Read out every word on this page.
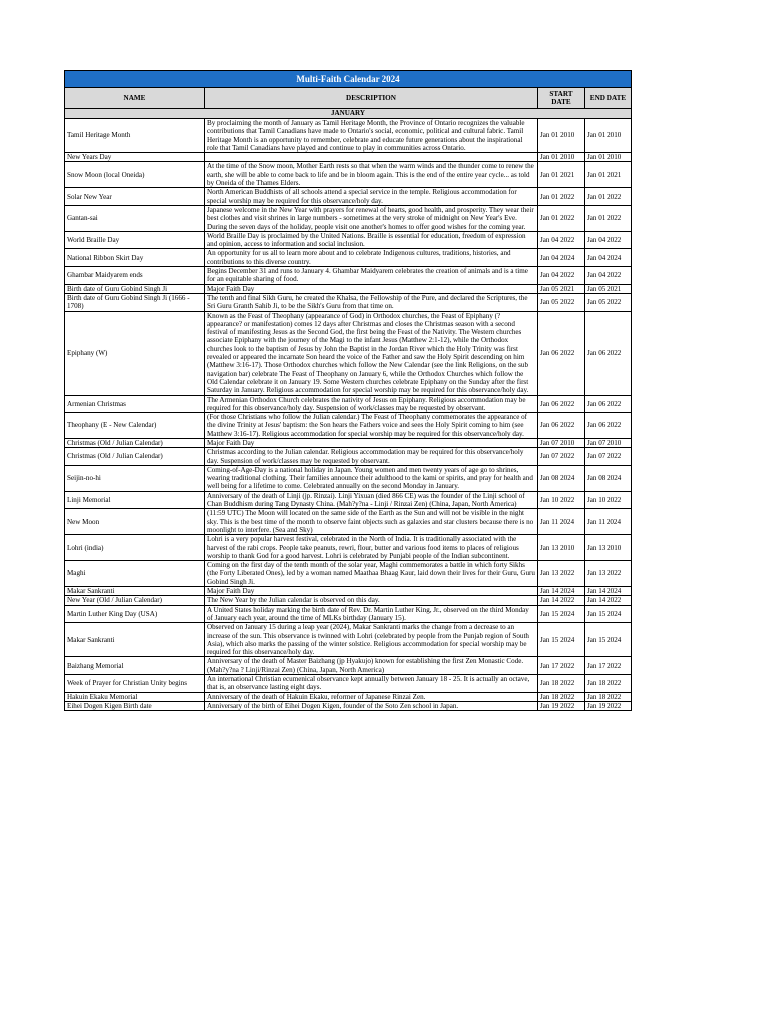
Multi-Faith Calendar 2024			
NAME	DESCRIPTION	START DATE	END DATE
JANUARY			
Tamil Heritage Month	By proclaiming the month of January as Tamil Heritage Month, the Province of Ontario recognizes the valuable contributions that Tamil Canadians have made to Ontario's social, economic, political and cultural fabric. Tamil Heritage Month is an opportunity to remember, celebrate and educate future generations about the inspirational role that Tamil Canadians have played and continue to play in communities across Ontario.	Jan 01 2010	Jan 01 2010
New Years Day		Jan 01 2010	Jan 01 2010
Snow Moon (local Oneida)	At the time of the Snow moon, Mother Earth rests so that when the warm winds and the thunder come to renew the earth, she will be able to come back to life and be in bloom again. This is the end of the entire year cycle... as told by Oneida of the Thames Elders.	Jan 01 2021	Jan 01 2021
Solar New Year	North American Buddhists of all schools attend a special service in the temple. Religious accommodation for special worship may be required for this observance/holy day.	Jan 01 2022	Jan 01 2022
Gantan-sai	Japanese welcome in the New Year with prayers for renewal of hearts, good health, and prosperity. They wear their best clothes and visit shrines in large numbers - sometimes at the very stroke of midnight on New Year's Eve. During the seven days of the holiday, people visit one another's homes to offer good wishes for the coming year.	Jan 01 2022	Jan 01 2022
World Braille Day	World Braille Day is proclaimed by the United Nations. Braille is essential for education, freedom of expression and opinion, access to information and social inclusion.	Jan 04 2022	Jan 04 2022
National Ribbon Skirt Day	An opportunity for us all to learn more about and to celebrate Indigenous cultures, traditions, histories, and contributions to this diverse country.	Jan 04 2024	Jan 04 2024
Ghambar Maidyarem ends	Begins December 31 and runs to January 4. Ghambar Maidyarem celebrates the creation of animals and is a time for an equitable sharing of food.	Jan 04 2022	Jan 04 2022
Birth date of Guru Gobind Singh Ji	Major Faith Day	Jan 05 2021	Jan 05 2021
Birth date of Guru Gobind Singh Ji (1666 - 1708)	The tenth and final Sikh Guru, he created the Khalsa, the Fellowship of the Pure, and declared the Scriptures, the Sri Guru Granth Sahib Ji, to be the Sikh's Guru from that time on.	Jan 05 2022	Jan 05 2022
Epiphany (W)	Known as the Feast of Theophany (appearance of God) in Orthodox churches, the Feast of Epiphany (?appearance? or manifestation) comes 12 days after Christmas and closes the Christmas season with a second festival of manifesting Jesus as the Second God, the first being the Feast of the Nativity. The Western churches associate Epiphany with the journey of the Magi to the infant Jesus (Matthew 2:1-12), while the Orthodox churches look to the baptism of Jesus by John the Baptist in the Jordan River which the Holy Trinity was first revealed or appeared the incarnate Son heard the voice of the Father and saw the Holy Spirit descending on him (Matthew 3:16-17). Those Orthodox churches which follow the New Calendar (see the link Religions, on the sub navigation bar) celebrate The Feast of Theophany on January 6, while the Orthodox Churches which follow the Old Calendar celebrate it on January 19. Some Western churches celebrate Epiphany on the Sunday after the first Saturday in January. Religious accommodation for special worship may be required for this observance/holy day.	Jan 06 2022	Jan 06 2022
Armenian Christmas	The Armenian Orthodox Church celebrates the nativity of Jesus on Epiphany. Religious accommodation may be required for this observance/holy day. Suspension of work/classes may be requested by observant.	Jan 06 2022	Jan 06 2022
Theophany (E - New Calendar)	(For those Christians who follow the Julian calendar.) The Feast of Theophany commemorates the appearance of the divine Trinity at Jesus' baptism: the Son hears the Fathers voice and sees the Holy Spirit coming to him (see Matthew 3:16-17). Religious accommodation for special worship may be required for this observance/holy day.	Jan 06 2022	Jan 06 2022
Christmas (Old / Julian Calendar)	Major Faith Day	Jan 07 2010	Jan 07 2010
Christmas (Old / Julian Calendar)	Christmas according to the Julian calendar. Religious accommodation may be required for this observance/holy day. Suspension of work/classes may be requested by observant.	Jan 07 2022	Jan 07 2022
Seijin-no-hi	Coming-of-Age-Day is a national holiday in Japan. Young women and men twenty years of age go to shrines, wearing traditional clothing. Their families announce their adulthood to the kami or spirits, and pray for health and well being for a lifetime to come. Celebrated annually on the second Monday in January.	Jan 08 2024	Jan 08 2024
Linji Memorial	Anniversary of the death of Linji (jp. Rinzai). Linji Yixuan (died 866 CE) was the founder of the Linji school of Chan Buddhism during Tang Dynasty China. (Mah?y?na - Linji / Rinzai Zen) (China, Japan, North America)	Jan 10 2022	Jan 10 2022
New Moon	(11:59 UTC) The Moon will located on the same side of the Earth as the Sun and will not be visible in the night sky. This is the best time of the month to observe faint objects such as galaxies and star clusters because there is no moonlight to interfere. (Sea and Sky)	Jan 11 2024	Jan 11 2024
Lohri (india)	Lohri is a very popular harvest festival, celebrated in the North of India. It is traditionally associated with the harvest of the rabi crops. People take peanuts, rewri, flour, butter and various food items to places of religious worship to thank God for a good harvest. Lohri is celebrated by Punjabi people of the Indian subcontinent.	Jan 13 2010	Jan 13 2010
Maghi	Coming on the first day of the tenth month of the solar year, Maghi commemorates a battle in which forty Sikhs (the Forty Liberated Ones), led by a woman named Maathaa Bhaag Kaur, laid down their lives for their Guru, Guru Gobind Singh Ji.	Jan 13 2022	Jan 13 2022
Makar Sankranti	Major Faith Day	Jan 14 2024	Jan 14 2024
New Year (Old / Julian Calendar)	The New Year by the Julian calendar is observed on this day.	Jan 14 2022	Jan 14 2022
Martin Luther King Day (USA)	A United States holiday marking the birth date of Rev. Dr. Martin Luther King, Jr., observed on the third Monday of January each year, around the time of MLKs birthday (January 15).	Jan 15 2024	Jan 15 2024
Makar Sankranti	Observed on January 15 during a leap year (2024), Makar Sankranti marks the change from a decrease to an increase of the sun. This observance is twinned with Lohri (celebrated by people from the Punjab region of South Asia), which also marks the passing of the winter solstice. Religious accommodation for special worship may be required for this observance/holy day.	Jan 15 2024	Jan 15 2024
Baizhang Memorial	Anniversary of the death of Master Baizhang (jp Hyakujo) known for establishing the first Zen Monastic Code. (Mah?y?na ? Linji/Rinzai Zen) (China, Japan, North America)	Jan 17 2022	Jan 17 2022
Week of Prayer for Christian Unity begins	An international Christian ecumenical observance kept annually between January 18 - 25. It is actually an octave, that is, an observance lasting eight days.	Jan 18 2022	Jan 18 2022
Hakuin Ekaku Memorial	Anniversary of the death of Hakuin Ekaku, reformer of Japanese Rinzai Zen.	Jan 18 2022	Jan 18 2022
Eihei Dogen Kigen Birth date	Anniversary of the birth of Eihei Dogen Kigen, founder of the Soto Zen school in Japan.	Jan 19 2022	Jan 19 2022
